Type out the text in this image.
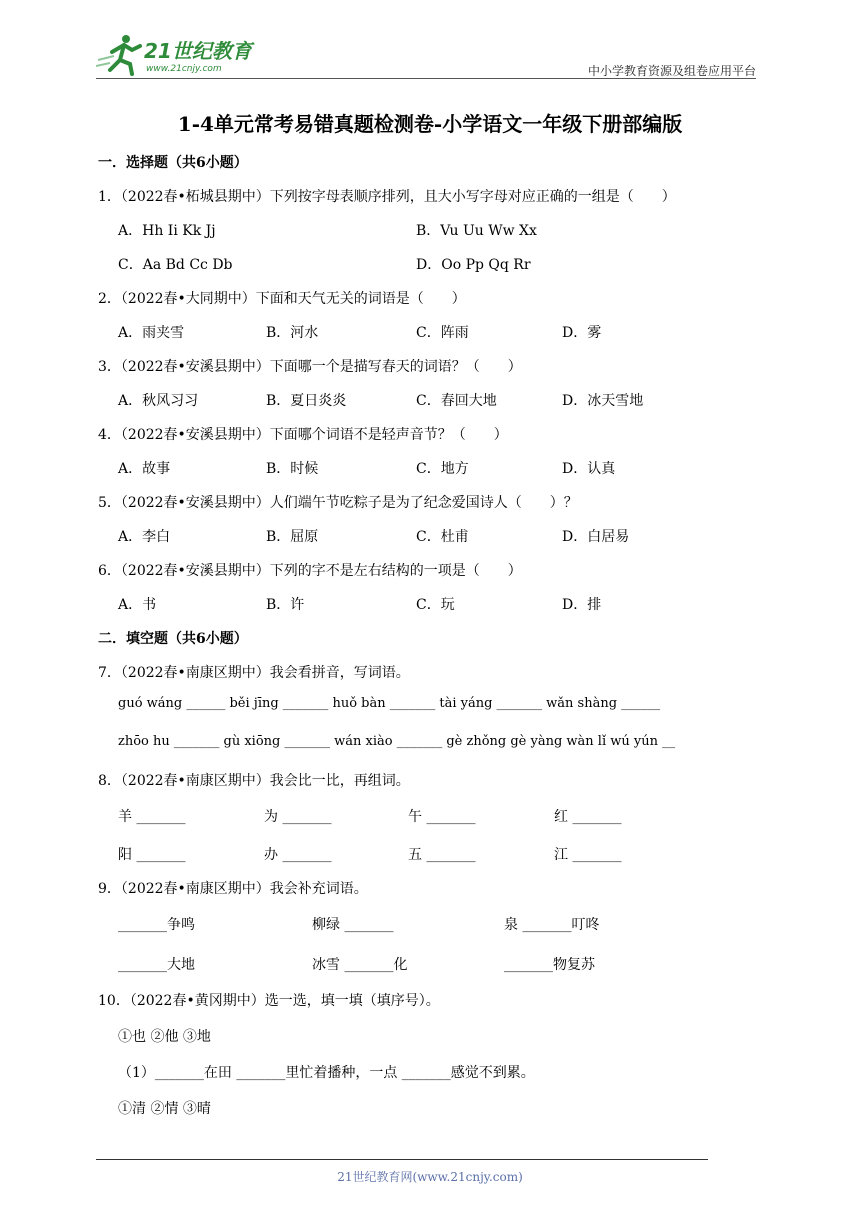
21世纪教育
www.21cnjy.com	中小学教育资源及组卷应用平台
1-4单元常考易错真题检测卷-小学语文一年级下册部编版
一．选择题（共6小题）
1．（2022春•柘城县期中）下列按字母表顺序排列，且大小写字母对应正确的一组是（　　）
A．Hh Ii Kk Jj	B．Vu Uu Ww Xx
C．Aa Bd Cc Db	D．Oo Pp Qq Rr
2．（2022春•大同期中）下面和天气无关的词语是（　　）
A．雨夹雪	B．河水	C．阵雨	D．雾
3．（2022春•安溪县期中）下面哪一个是描写春天的词语？（　　）
A．秋风习习	B．夏日炎炎	C．春回大地	D．冰天雪地
4．（2022春•安溪县期中）下面哪个词语不是轻声音节？（　　）
A．故事	B．时候	C．地方	D．认真
5．（2022春•安溪县期中）人们端午节吃粽子是为了纪念爱国诗人（　　）？
A．李白	B．屈原	C．杜甫	D．白居易
6．（2022春•安溪县期中）下列的字不是左右结构的一项是（　　）
A．书	B．许	C．玩	D．排
二．填空题（共6小题）
7．（2022春•南康区期中）我会看拼音，写词语。
guó wáng ______ běi jīng _______ huǒ bàn _______ tài yáng _______ wǎn shàng ______
zhōo hu _______ gù xiōng _______ wán xiào _______ gè zhǒng gè yàng wàn lǐ wú yún __
8．（2022春•南康区期中）我会比一比，再组词。
羊 _______	为 _______	午 _______	红 _______
阳 _______	办 _______	五 _______	江 _______
9．（2022春•南康区期中）我会补充词语。
_______争鸣	柳绿 _______	泉 _______叮咚
_______大地	冰雪 _______化	_______物复苏
10．（2022春•黄冈期中）选一选，填一填（填序号）。
①也 ②他 ③地
（1）_______在田 _______里忙着播种，一点 _______感觉不到累。
①清 ②情 ③晴
21世纪教育网(www.21cnjy.com)
